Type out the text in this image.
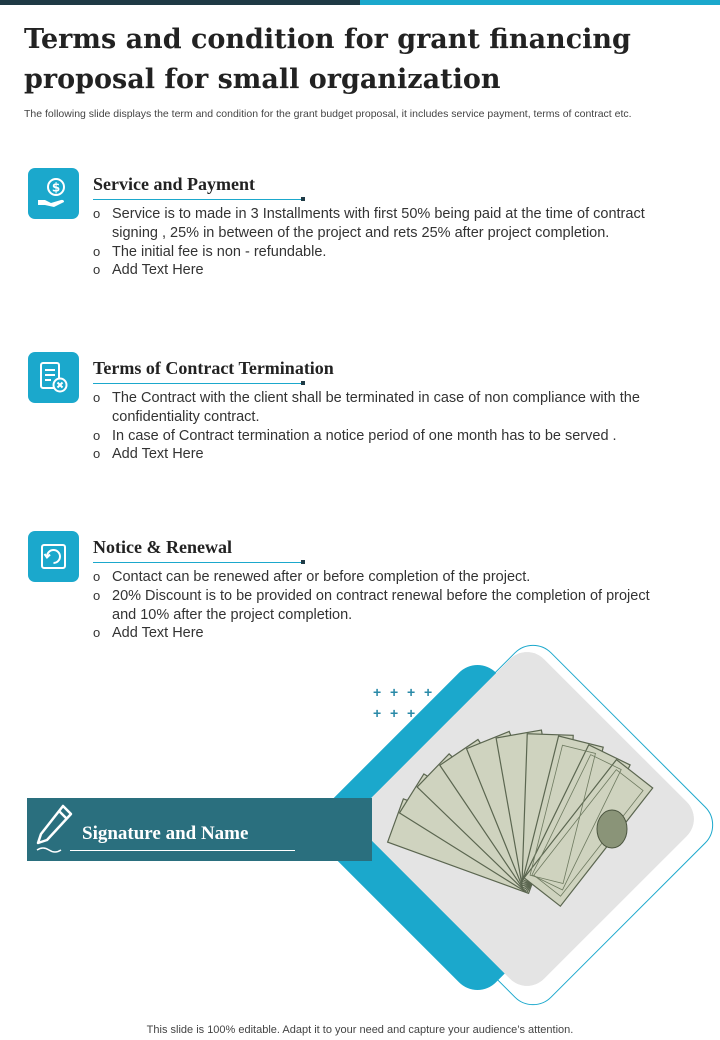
Terms and condition for grant financing proposal for small organization

The following slide displays the term and condition for the grant budget proposal, it includes service payment, terms of contract etc.

$ Service and Payment
o Service is to made in 3 Installments with first 50% being paid at the time of contract signing , 25% in between of the project and rets 25% after project completion.
o The initial fee is non - refundable.
o Add Text Here
Terms of Contract Termination
o The Contract with the client shall be terminated in case of non compliance with the confidentiality contract.
o In case of Contract termination a notice period of one month has to be served .
o Add Text Here
Notice & Renewal
o Contact can be renewed after or before completion of the project.
o 20% Discount is to be provided on contract renewal before the completion of project and 10% after the project completion.
o Add Text Here
+ + + +
+ + +
Signature and Name
This slide is 100% editable. Adapt it to your need and capture your audience’s attention.
